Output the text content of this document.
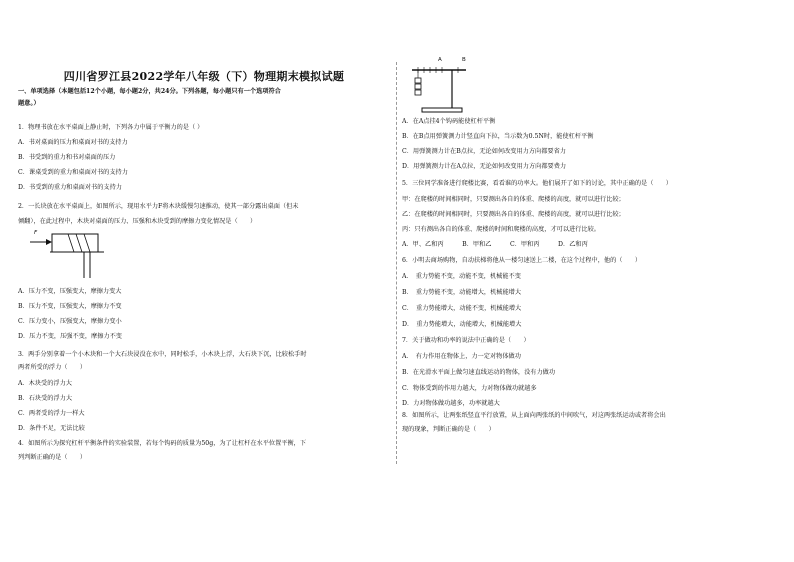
四川省罗江县2022学年八年级（下）物理期末模拟试题
一、单项选择（本题包括12个小题，每小题2分，共24分。下列各题，每小题只有一个选项符合
题意。）
1．物理书放在水平桌面上静止时，下列各力中属于平衡力的是（ ）
A．书对桌面的压力和桌面对书的支持力
B．书受到的重力和书对桌面的压力
C．课桌受到的重力和桌面对书的支持力
D．书受到的重力和桌面对书的支持力
2．一长块放在水平桌面上，如图所示，现用水平力F将木块缓慢匀速推动，使其一部分露出桌面（但未
倾翻），在此过程中，木块对桌面的压力、压强和木块受到的摩擦力变化情况是（　　）
F
A．压力不变，压强变大，摩擦力变大
B．压力不变，压强变大，摩擦力不变
C．压力变小，压强变大，摩擦力变小
D．压力不变，压强不变，摩擦力不变
3．两手分别拿着一个小木块和一个大石块浸没在水中，同时松手，小木块上浮，大石块下沉，比较松手时
两者所受的浮力（　　）
A．木块受的浮力大
B．石块受的浮力大
C．两者受的浮力一样大
D．条件不足，无法比较
4．如图所示为探究杠杆平衡条件的实验装置，若每个钩码的质量为50g，为了让杠杆在水平位置平衡，下
列判断正确的是（　　）
A	B
A．在A点挂4个钩码能使杠杆平衡
B．在B点用弹簧测力计竖直向下拉，当示数为0.5N时，能使杠杆平衡
C．用弹簧测力计在B点拉，无论如何改变用力方向都要省力
D．用弹簧测力计在A点拉，无论如何改变用力方向都要费力
5．三位同学准备进行爬楼比赛，看看谁的功率大。他们展开了如下的讨论，其中正确的是（　　）
甲：在爬楼的时间相同时，只要测出各自的体重、爬楼的高度，就可以进行比较；
乙：在爬楼的时间相同时，只要测出各自的体重、爬楼的高度，就可以进行比较；
丙：只有测出各自的体重、爬楼的时间和爬楼的高度，才可以进行比较。
A．甲、乙和丙　　　B．甲和乙　　　C．甲和丙　　　D．乙和丙
6．小明去商场购物，自动扶梯将他从一楼匀速送上二楼，在这个过程中，他的（　　）
A．　重力势能不变，动能不变，机械能不变
B．　重力势能不变，动能增大，机械能增大
C．　重力势能增大，动能不变，机械能增大
D．　重力势能增大，动能增大，机械能增大
7．关于做功和功率的说法中正确的是（　　）
A．　有力作用在物体上，力一定对物体做功
B．在光滑水平面上做匀速直线运动的物体，没有力做功
C．物体受到的作用力越大，力对物体做功就越多
D．力对物体做功越多，功率就越大
8．如图所示，让两张纸竖直平行放置，从上面向两张纸的中间吹气，对这两张纸运动或者将会出
现的现象，判断正确的是（　　）
